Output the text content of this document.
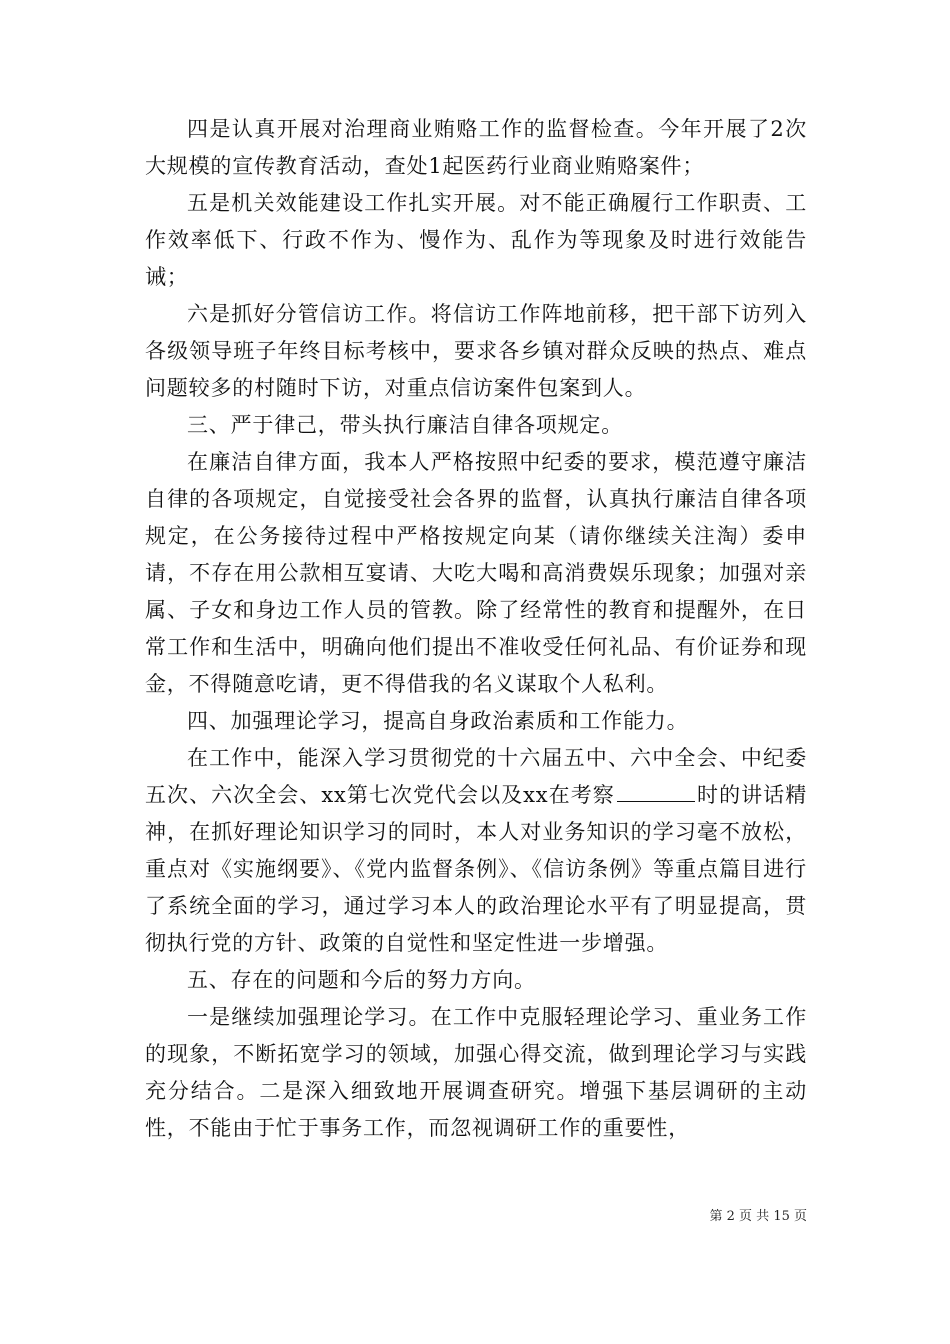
四是认真开展对治理商业贿赂工作的监督检查。今年开展了2次大规模的宣传教育活动，查处1起医药行业商业贿赂案件；

五是机关效能建设工作扎实开展。对不能正确履行工作职责、工作效率低下、行政不作为、慢作为、乱作为等现象及时进行效能告诫；

六是抓好分管信访工作。将信访工作阵地前移，把干部下访列入各级领导班子年终目标考核中，要求各乡镇对群众反映的热点、难点问题较多的村随时下访，对重点信访案件包案到人。

三、严于律己，带头执行廉洁自律各项规定。

在廉洁自律方面，我本人严格按照中纪委的要求，模范遵守廉洁自律的各项规定，自觉接受社会各界的监督，认真执行廉洁自律各项规定，在公务接待过程中严格按规定向某（请你继续关注淘）委申请，不存在用公款相互宴请、大吃大喝和高消费娱乐现象；加强对亲属、子女和身边工作人员的管教。除了经常性的教育和提醒外，在日常工作和生活中，明确向他们提出不准收受任何礼品、有价证券和现金，不得随意吃请，更不得借我的名义谋取个人私利。

四、加强理论学习，提高自身政治素质和工作能力。

在工作中，能深入学习贯彻党的十六届五中、六中全会、中纪委五次、六次全会、xx第七次党代会以及xx在考察	时的讲话精神，在抓好理论知识学习的同时，本人对业务知识的学习毫不放松，重点对《实施纲要》、《党内监督条例》、《信访条例》等重点篇目进行了系统全面的学习，通过学习本人的政治理论水平有了明显提高，贯彻执行党的方针、政策的自觉性和坚定性进一步增强。

五、存在的问题和今后的努力方向。

一是继续加强理论学习。在工作中克服轻理论学习、重业务工作的现象，不断拓宽学习的领域，加强心得交流，做到理论学习与实践充分结合。二是深入细致地开展调查研究。增强下基层调研的主动性，不能由于忙于事务工作，而忽视调研工作的重要性，

第 2 页 共 15 页
